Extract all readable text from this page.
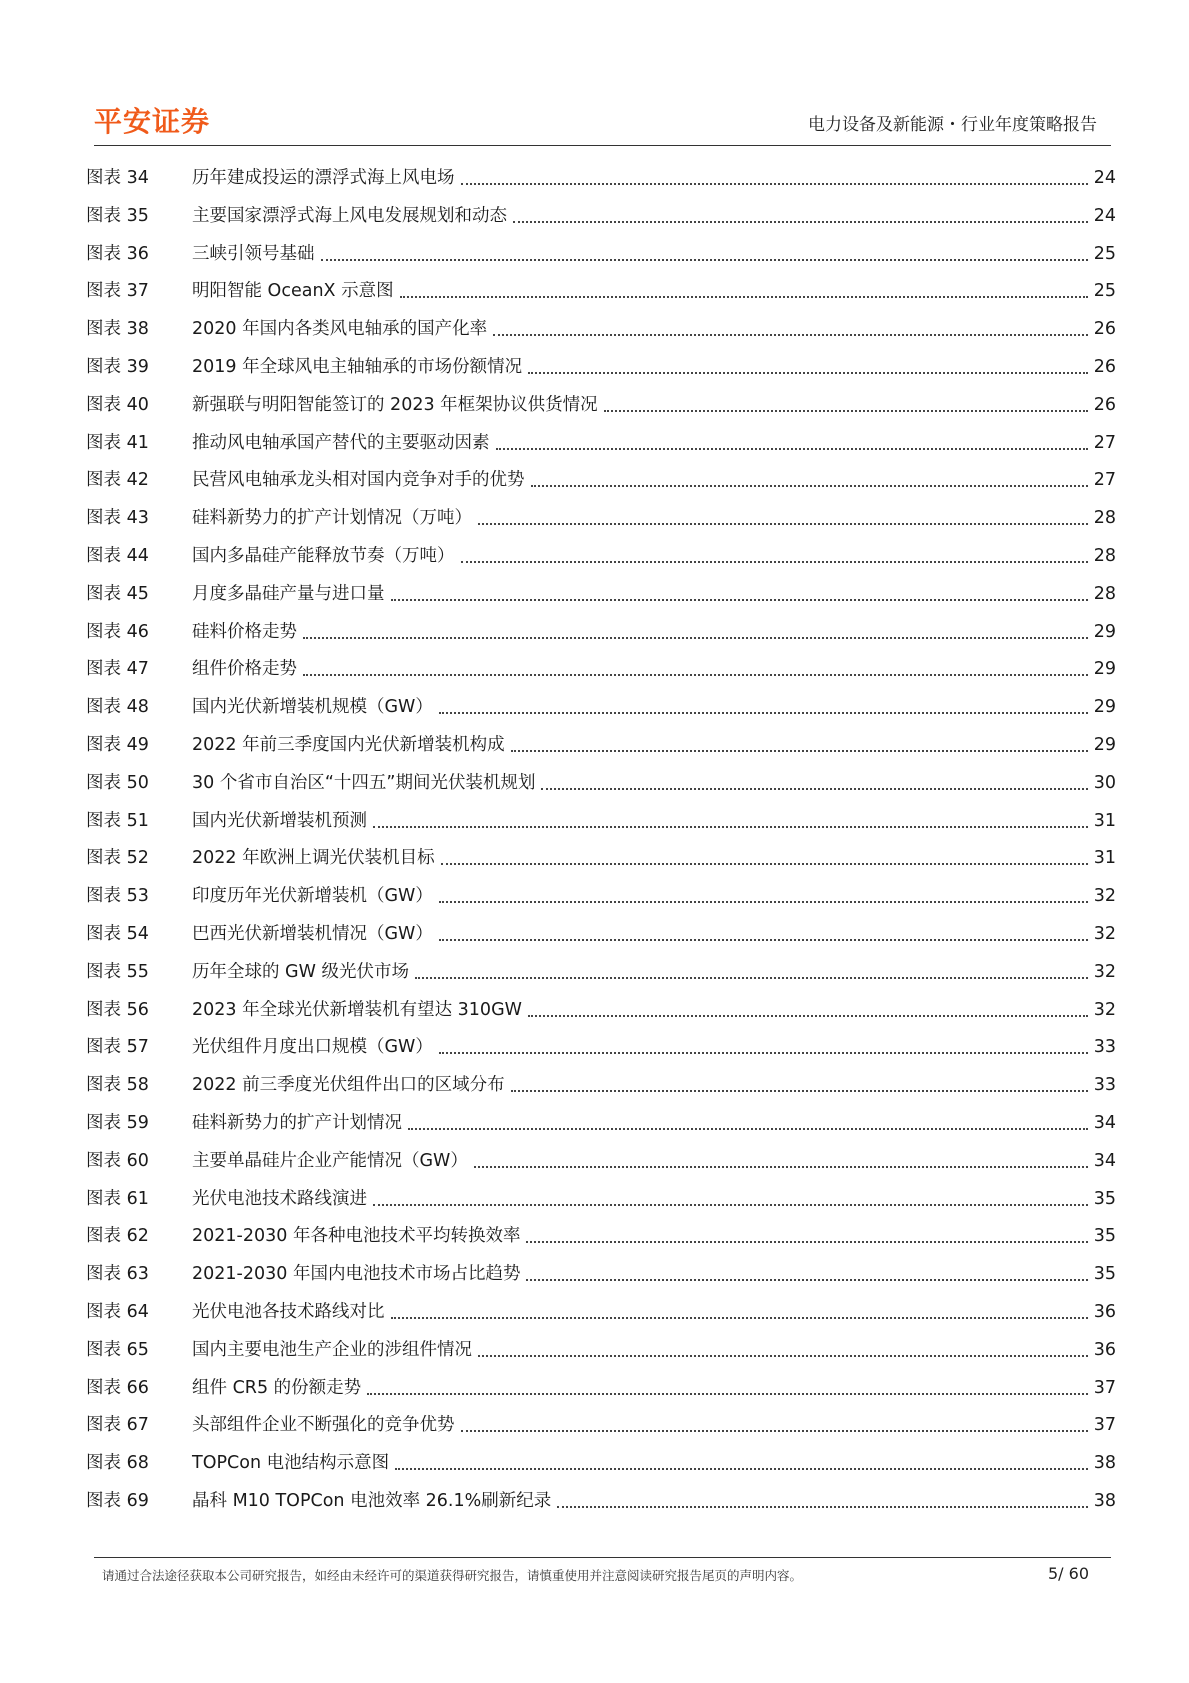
平安证券	电力设备及新能源・行业年度策略报告
图表 34	历年建成投运的漂浮式海上风电场	24
图表 35	主要国家漂浮式海上风电发展规划和动态	24
图表 36	三峡引领号基础	25
图表 37	明阳智能 OceanX 示意图	25
图表 38	2020 年国内各类风电轴承的国产化率	26
图表 39	2019 年全球风电主轴轴承的市场份额情况	26
图表 40	新强联与明阳智能签订的 2023 年框架协议供货情况	26
图表 41	推动风电轴承国产替代的主要驱动因素	27
图表 42	民营风电轴承龙头相对国内竞争对手的优势	27
图表 43	硅料新势力的扩产计划情况（万吨）	28
图表 44	国内多晶硅产能释放节奏（万吨）	28
图表 45	月度多晶硅产量与进口量	28
图表 46	硅料价格走势	29
图表 47	组件价格走势	29
图表 48	国内光伏新增装机规模（GW）	29
图表 49	2022 年前三季度国内光伏新增装机构成	29
图表 50	30 个省市自治区“十四五”期间光伏装机规划	30
图表 51	国内光伏新增装机预测	31
图表 52	2022 年欧洲上调光伏装机目标	31
图表 53	印度历年光伏新增装机（GW）	32
图表 54	巴西光伏新增装机情况（GW）	32
图表 55	历年全球的 GW 级光伏市场	32
图表 56	2023 年全球光伏新增装机有望达 310GW	32
图表 57	光伏组件月度出口规模（GW）	33
图表 58	2022 前三季度光伏组件出口的区域分布	33
图表 59	硅料新势力的扩产计划情况	34
图表 60	主要单晶硅片企业产能情况（GW）	34
图表 61	光伏电池技术路线演进	35
图表 62	2021-2030 年各种电池技术平均转换效率	35
图表 63	2021-2030 年国内电池技术市场占比趋势	35
图表 64	光伏电池各技术路线对比	36
图表 65	国内主要电池生产企业的涉组件情况	36
图表 66	组件 CR5 的份额走势	37
图表 67	头部组件企业不断强化的竞争优势	37
图表 68	TOPCon 电池结构示意图	38
图表 69	晶科 M10 TOPCon 电池效率 26.1%刷新纪录	38
请通过合法途径获取本公司研究报告，如经由未经许可的渠道获得研究报告，请慎重使用并注意阅读研究报告尾页的声明内容。	5/ 60
